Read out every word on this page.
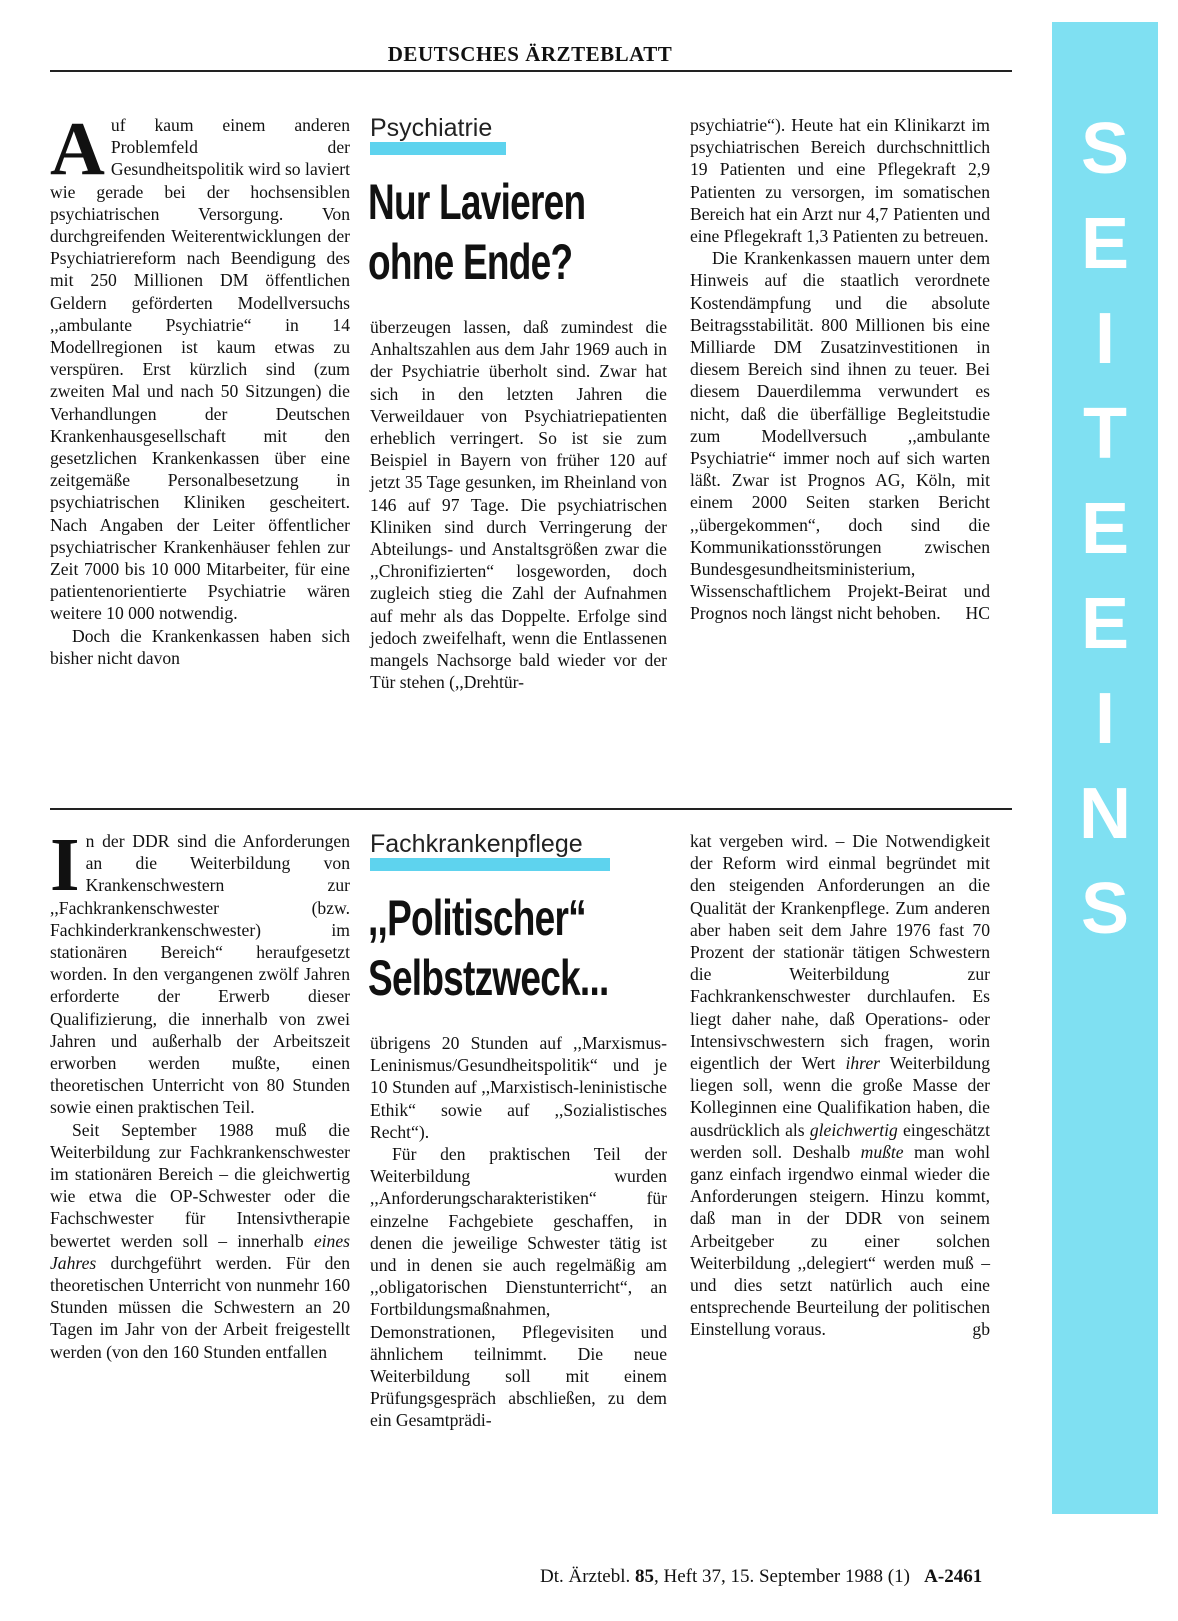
DEUTSCHES ÄRZTEBLATT
S
E
I
T
E
E
I
N
S

Auf kaum einem anderen Problemfeld der Gesundheitspolitik wird so laviert wie gerade bei der hochsensiblen psychiatrischen Versorgung. Von durchgreifenden Weiterentwicklungen der Psychiatriereform nach Beendigung des mit 250 Millionen DM öffentlichen Geldern geförderten Modellversuchs ,,ambulante Psychiatrie“ in 14 Modellregionen ist kaum etwas zu verspüren. Erst kürzlich sind (zum zweiten Mal und nach 50 Sitzungen) die Verhandlungen der Deutschen Krankenhausgesellschaft mit den gesetzlichen Krankenkassen über eine zeitgemäße Personalbesetzung in psychiatrischen Kliniken gescheitert. Nach Angaben der Leiter öffentlicher psychiatrischer Krankenhäuser fehlen zur Zeit 7000 bis 10 000 Mitarbeiter, für eine patientenorientierte Psychiatrie wären weitere 10 000 notwendig.

Doch die Krankenkassen haben sich bisher nicht davon

Psychiatrie
Nur Lavieren
ohne Ende?

überzeugen lassen, daß zumindest die Anhaltszahlen aus dem Jahr 1969 auch in der Psychiatrie überholt sind. Zwar hat sich in den letzten Jahren die Verweildauer von Psychiatriepatienten erheblich verringert. So ist sie zum Beispiel in Bayern von früher 120 auf jetzt 35 Tage gesunken, im Rheinland von 146 auf 97 Tage. Die psychiatrischen Kliniken sind durch Verringerung der Abteilungs- und Anstaltsgrößen zwar die ,,Chronifizierten“ losgeworden, doch zugleich stieg die Zahl der Aufnahmen auf mehr als das Doppelte. Erfolge sind jedoch zweifelhaft, wenn die Entlassenen mangels Nachsorge bald wieder vor der Tür stehen (,,Drehtür-

psychiatrie“). Heute hat ein Klinikarzt im psychiatrischen Bereich durchschnittlich 19 Patienten und eine Pflegekraft 2,9 Patienten zu versorgen, im somatischen Bereich hat ein Arzt nur 4,7 Patienten und eine Pflegekraft 1,3 Patienten zu betreuen.

Die Krankenkassen mauern unter dem Hinweis auf die staatlich verordnete Kostendämpfung und die absolute Beitragsstabilität. 800 Millionen bis eine Milliarde DM Zusatzinvestitionen in diesem Bereich sind ihnen zu teuer. Bei diesem Dauerdilemma verwundert es nicht, daß die überfällige Begleitstudie zum Modellversuch ,,ambulante Psychiatrie“ immer noch auf sich warten läßt. Zwar ist Prognos AG, Köln, mit einem 2000 Seiten starken Bericht ,,übergekommen“, doch sind die Kommunikationsstörungen zwischen Bundesgesundheitsministerium, Wissenschaftlichem Projekt-Beirat und Prognos noch längst nicht behoben.	HC

In der DDR sind die Anforderungen an die Weiterbildung von Krankenschwestern zur ,,Fachkrankenschwester (bzw. Fachkinderkrankenschwester) im stationären Bereich“ heraufgesetzt worden. In den vergangenen zwölf Jahren erforderte der Erwerb dieser Qualifizierung, die innerhalb von zwei Jahren und außerhalb der Arbeitszeit erworben werden mußte, einen theoretischen Unterricht von 80 Stunden sowie einen praktischen Teil.

Seit September 1988 muß die Weiterbildung zur Fachkrankenschwester im stationären Bereich – die gleichwertig wie etwa die OP-Schwester oder die Fachschwester für Intensivtherapie bewertet werden soll – innerhalb eines Jahres durchgeführt werden. Für den theoretischen Unterricht von nunmehr 160 Stunden müssen die Schwestern an 20 Tagen im Jahr von der Arbeit freigestellt werden (von den 160 Stunden entfallen

Fachkrankenpflege
,,Politischer“
Selbstzweck...

übrigens 20 Stunden auf ,,Marxismus-Leninismus/Gesundheitspolitik“ und je 10 Stunden auf ,,Marxistisch-leninistische Ethik“ sowie auf ,,Sozialistisches Recht“).

Für den praktischen Teil der Weiterbildung wurden ,,Anforderungscharakteristiken“ für einzelne Fachgebiete geschaffen, in denen die jeweilige Schwester tätig ist und in denen sie auch regelmäßig am ,,obligatorischen Dienstunterricht“, an Fortbildungsmaßnahmen, Demonstrationen, Pflegevisiten und ähnlichem teilnimmt. Die neue Weiterbildung soll mit einem Prüfungsgespräch abschließen, zu dem ein Gesamtprädi-

kat vergeben wird. – Die Notwendigkeit der Reform wird einmal begründet mit den steigenden Anforderungen an die Qualität der Krankenpflege. Zum anderen aber haben seit dem Jahre 1976 fast 70 Prozent der stationär tätigen Schwestern die Weiterbildung zur Fachkrankenschwester durchlaufen. Es liegt daher nahe, daß Operations- oder Intensivschwestern sich fragen, worin eigentlich der Wert ihrer Weiterbildung liegen soll, wenn die große Masse der Kolleginnen eine Qualifikation haben, die ausdrücklich als gleichwertig eingeschätzt werden soll. Deshalb mußte man wohl ganz einfach irgendwo einmal wieder die Anforderungen steigern. Hinzu kommt, daß man in der DDR von seinem Arbeitgeber zu einer solchen Weiterbildung ,,delegiert“ werden muß – und dies setzt natürlich auch eine entsprechende Beurteilung der politischen Einstellung voraus.	gb

Dt. Ärztebl. 85, Heft 37, 15. September 1988 (1) A-2461
